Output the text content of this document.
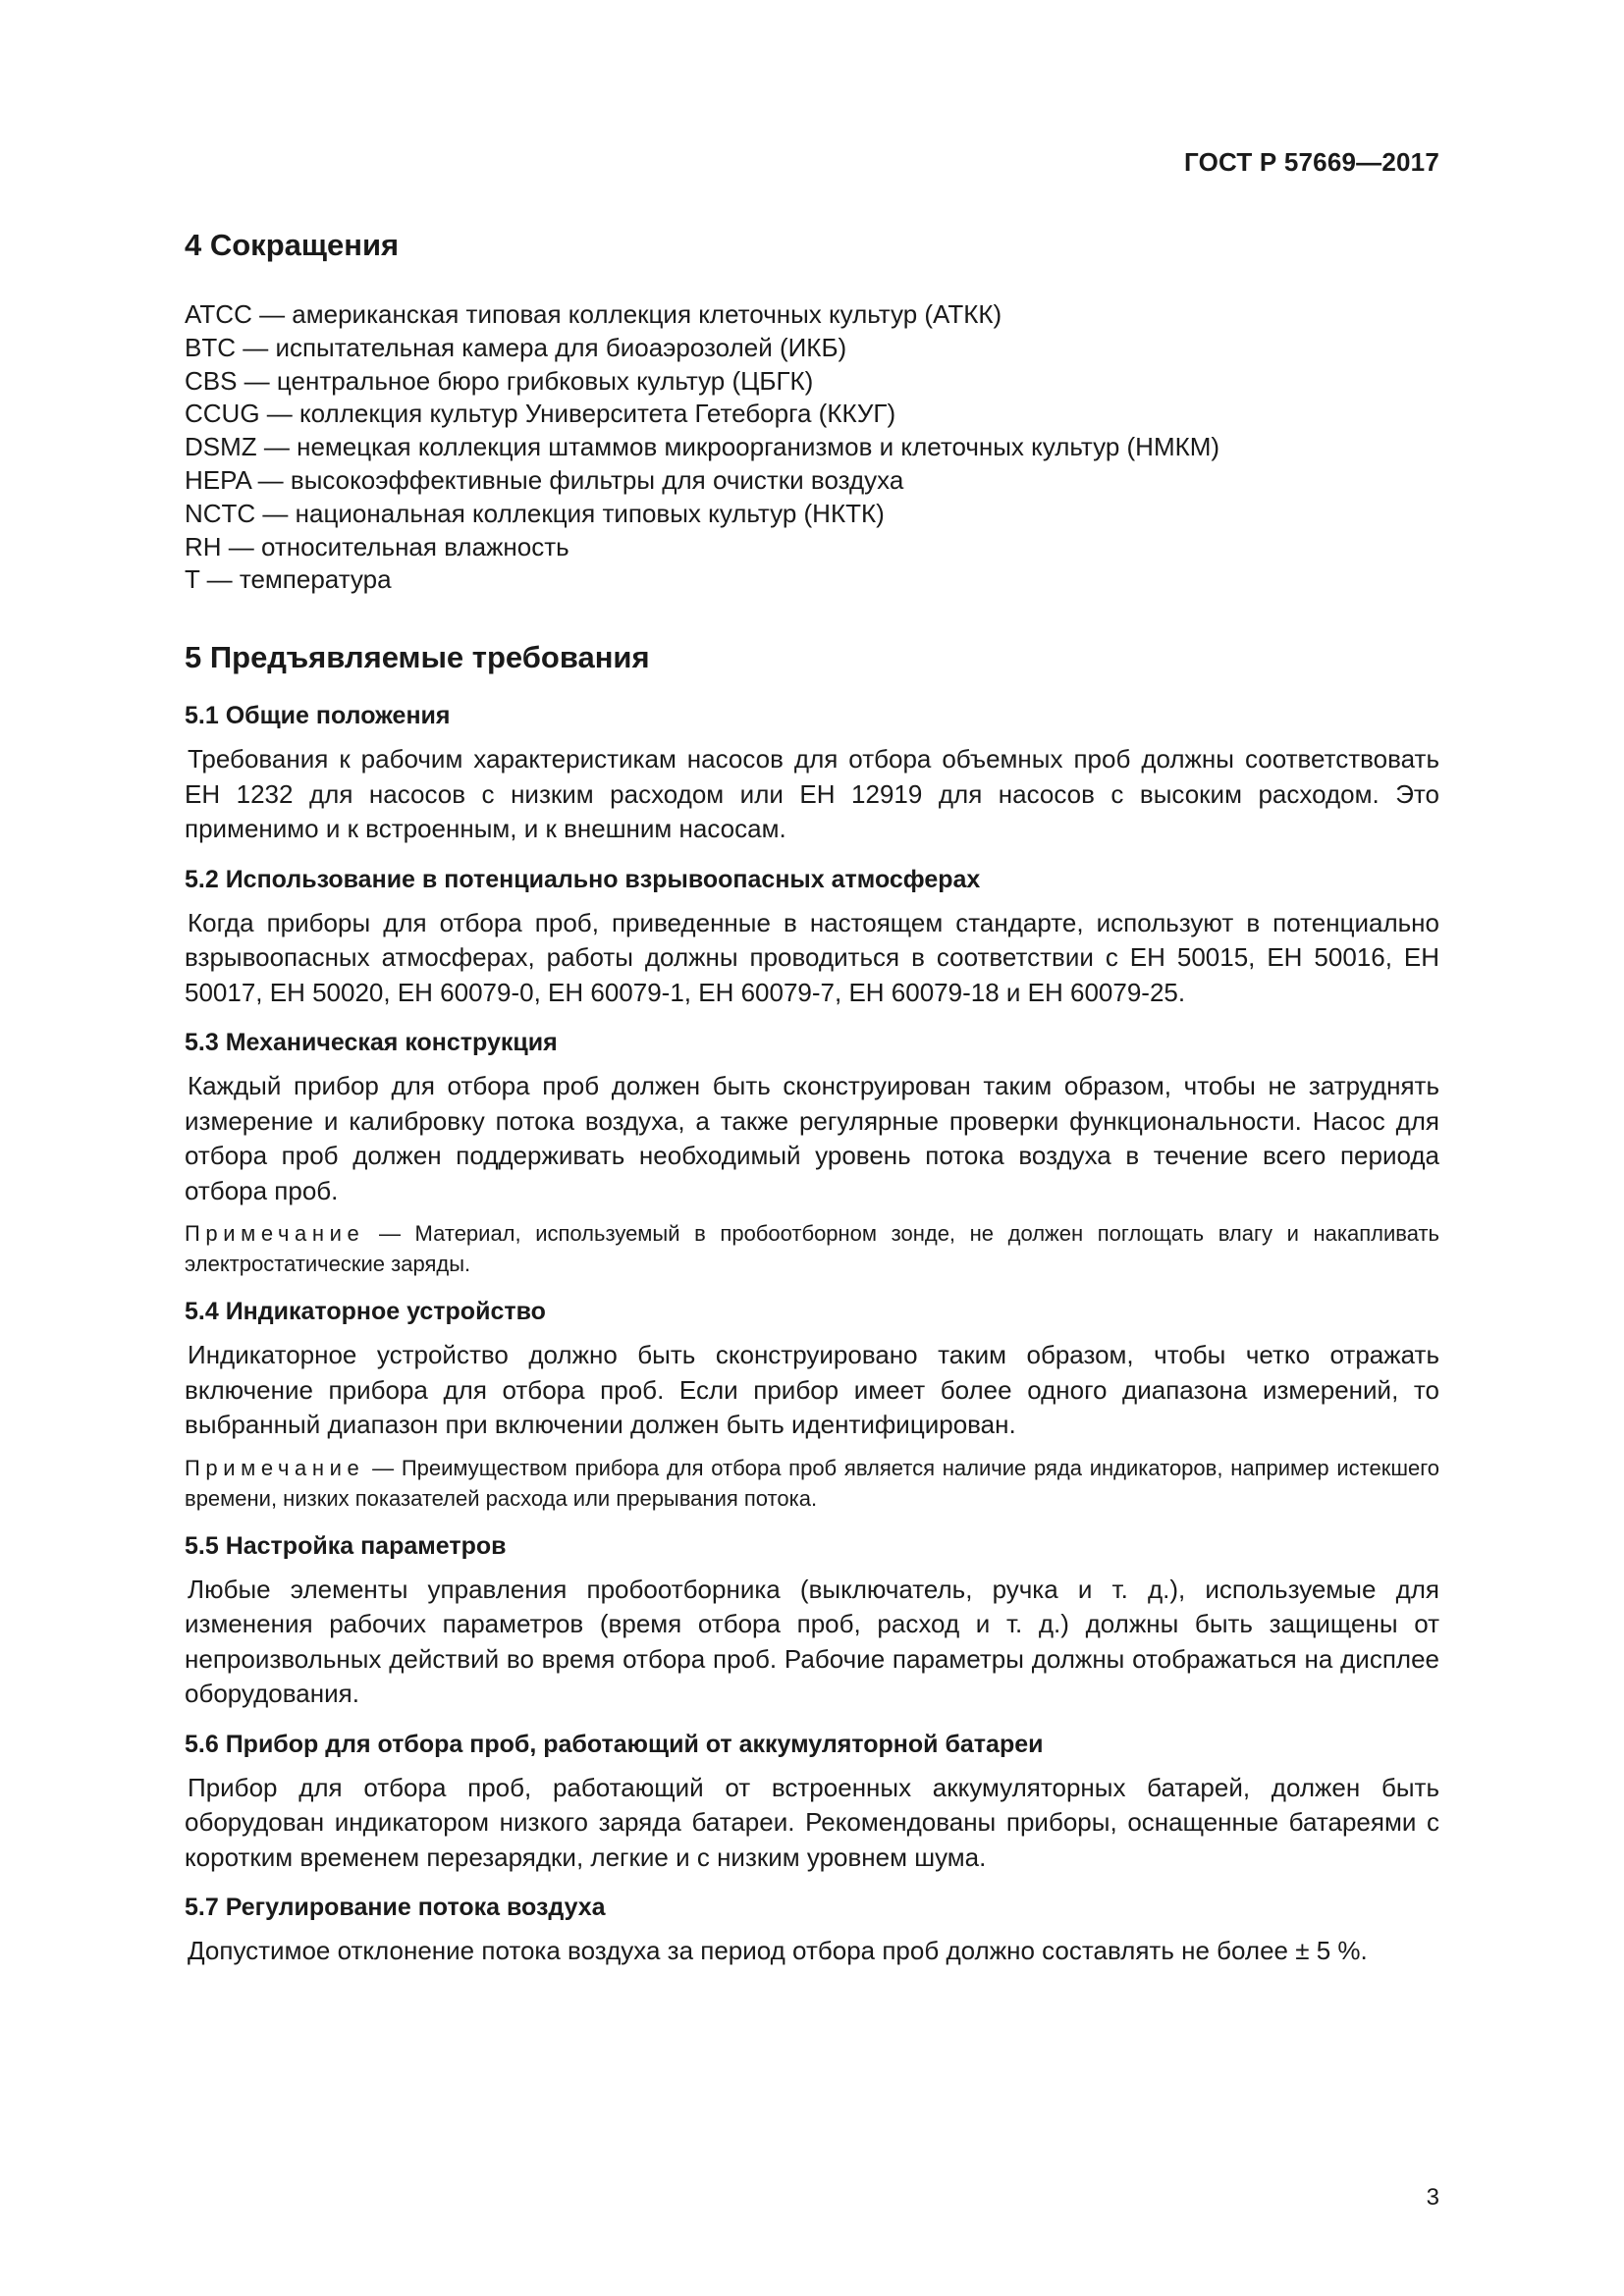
ГОСТ Р 57669—2017
4 Сокращения
ATCC — американская типовая коллекция клеточных культур (АТКК)
BTC — испытательная камера для биоаэрозолей (ИКБ)
CBS — центральное бюро грибковых культур (ЦБГК)
CCUG — коллекция культур Университета Гетеборга (ККУГ)
DSMZ — немецкая коллекция штаммов микроорганизмов и клеточных культур (НМКМ)
HEPA — высокоэффективные фильтры для очистки воздуха
NCTC — национальная коллекция типовых культур (НКТК)
RH — относительная влажность
T — температура
5 Предъявляемые требования
5.1 Общие положения

Требования к рабочим характеристикам насосов для отбора объемных проб должны соответствовать ЕН 1232 для насосов с низким расходом или ЕН 12919 для насосов с высоким расходом. Это применимо и к встроенным, и к внешним насосам.

5.2 Использование в потенциально взрывоопасных атмосферах

Когда приборы для отбора проб, приведенные в настоящем стандарте, используют в потенциально взрывоопасных атмосферах, работы должны проводиться в соответствии с ЕН 50015, ЕН 50016, ЕН 50017, ЕН 50020, ЕН 60079-0, ЕН 60079-1, ЕН 60079-7, ЕН 60079-18 и ЕН 60079-25.

5.3 Механическая конструкция

Каждый прибор для отбора проб должен быть сконструирован таким образом, чтобы не затруднять измерение и калибровку потока воздуха, а также регулярные проверки функциональности. Насос для отбора проб должен поддерживать необходимый уровень потока воздуха в течение всего периода отбора проб.

Примечание — Материал, используемый в пробоотборном зонде, не должен поглощать влагу и накапливать электростатические заряды.

5.4 Индикаторное устройство

Индикаторное устройство должно быть сконструировано таким образом, чтобы четко отражать включение прибора для отбора проб. Если прибор имеет более одного диапазона измерений, то выбранный диапазон при включении должен быть идентифицирован.

Примечание — Преимуществом прибора для отбора проб является наличие ряда индикаторов, например истекшего времени, низких показателей расхода или прерывания потока.

5.5 Настройка параметров

Любые элементы управления пробоотборника (выключатель, ручка и т. д.), используемые для изменения рабочих параметров (время отбора проб, расход и т. д.) должны быть защищены от непроизвольных действий во время отбора проб. Рабочие параметры должны отображаться на дисплее оборудования.

5.6 Прибор для отбора проб, работающий от аккумуляторной батареи

Прибор для отбора проб, работающий от встроенных аккумуляторных батарей, должен быть оборудован индикатором низкого заряда батареи. Рекомендованы приборы, оснащенные батареями с коротким временем перезарядки, легкие и с низким уровнем шума.

5.7 Регулирование потока воздуха

Допустимое отклонение потока воздуха за период отбора проб должно составлять не более ± 5 %.

3
